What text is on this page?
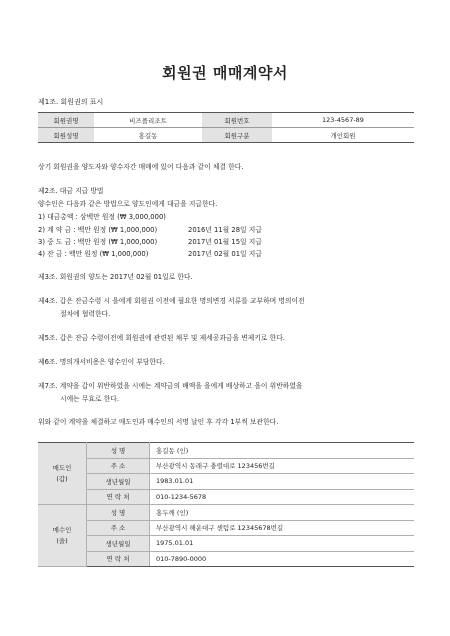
회원권 매매계약서
제1조. 회원권의 표시
회원권명	비즈플리조트	회원번호	123-4567-89
회원성명	홍길동	회원구분	개인회원
상기 회원권을 양도자와 양수자간 매매에 있어 다음과 같이 체결 한다.
제2조. 대금 지급 방법
양수인은 다음과 같은 방법으로 양도인에게 대금을 지급한다.
1) 대금총액 : 삼백만 원정 (₩ 3,000,000)
2) 계 약 금 : 백만 원정 (₩ 1,000,000)	2016년 11월 28일 지급
3) 중 도 금 : 백만 원정 (₩ 1,000,000)	2017년 01월 15일 지급
4) 잔 금 : 백만 원정 (₩ 1,000,000)	2017년 02월 01일 지급
제3조. 회원권의 양도는 2017년 02월 01일로 한다.
제4조. 갑은 잔금수령 시 을에게 회원권 이전에 필요한 명의변경 서류를 교부하며 명의이전
절차에 협력한다.
제5조. 갑은 잔금 수령이전에 회원권에 관련된 채무 및 제세공과금을 변제키로 한다.
제6조. 명의개서비용은 양수인이 부담한다.
제7조. 계약을 갑이 위반하였을 시에는 계약금의 배액을 을에게 배상하고 을이 위반하였을
시에는 무효로 한다.
위와 같이 계약을 체결하고 매도인과 매수인의 서명 날인 후 각각 1부씩 보관한다.
매도인
(갑)	성 명	홍길동 (인)
	주 소	부산광역시 동래구 충렬대로 123456번길
	생년월일	1983.01.01
	연 락 처	010-1234-5678
매수인
(을)	성 명	홍두깨 (인)
	주 소	부산광역시 해운대구 센텀로 12345678번길
	생년월일	1975.01.01
	연 락 처	010-7890-0000
